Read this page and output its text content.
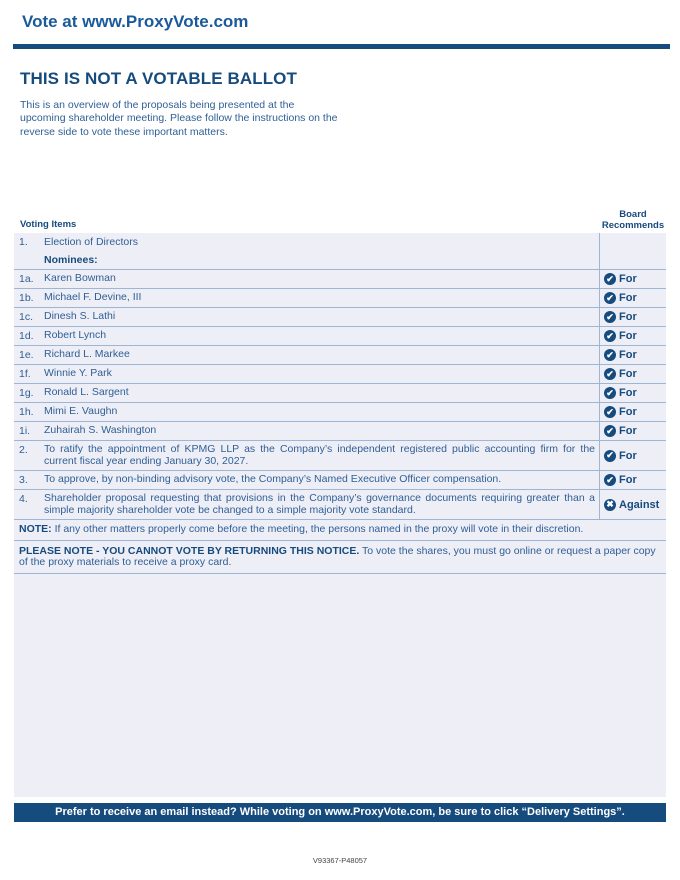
Vote at www.ProxyVote.com
THIS IS NOT A VOTABLE BALLOT
This is an overview of the proposals being presented at the upcoming shareholder meeting. Please follow the instructions on the reverse side to vote these important matters.
Voting Items
Board
Recommends
1.	Election of Directors
Nominees:
1a. Karen Bowman	✔ For
1b. Michael F. Devine, III	✔ For
1c.	Dinesh S. Lathi	✔ For
1d. Robert Lynch	✔ For
1e. Richard L. Markee	✔ For
1f.	Winnie Y. Park	✔ For
1g. Ronald L. Sargent	✔ For
1h. Mimi E. Vaughn	✔ For
1i.	Zuhairah S. Washington	✔ For
2.	To ratify the appointment of KPMG LLP as the Company’s independent registered public accounting firm for the current fiscal year ending January 30, 2027.	✔ For
3.	To approve, by non-binding advisory vote, the Company’s Named Executive Officer compensation.	✔ For
4.	Shareholder proposal requesting that provisions in the Company’s governance documents requiring greater than a simple majority shareholder vote be changed to a simple majority vote standard.	✖ Against
NOTE: If any other matters properly come before the meeting, the persons named in the proxy will vote in their discretion.
PLEASE NOTE - YOU CANNOT VOTE BY RETURNING THIS NOTICE. To vote the shares, you must go online or request a paper copy of the proxy materials to receive a proxy card.
Prefer to receive an email instead? While voting on www.ProxyVote.com, be sure to click “Delivery Settings”.
V93367-P48057
